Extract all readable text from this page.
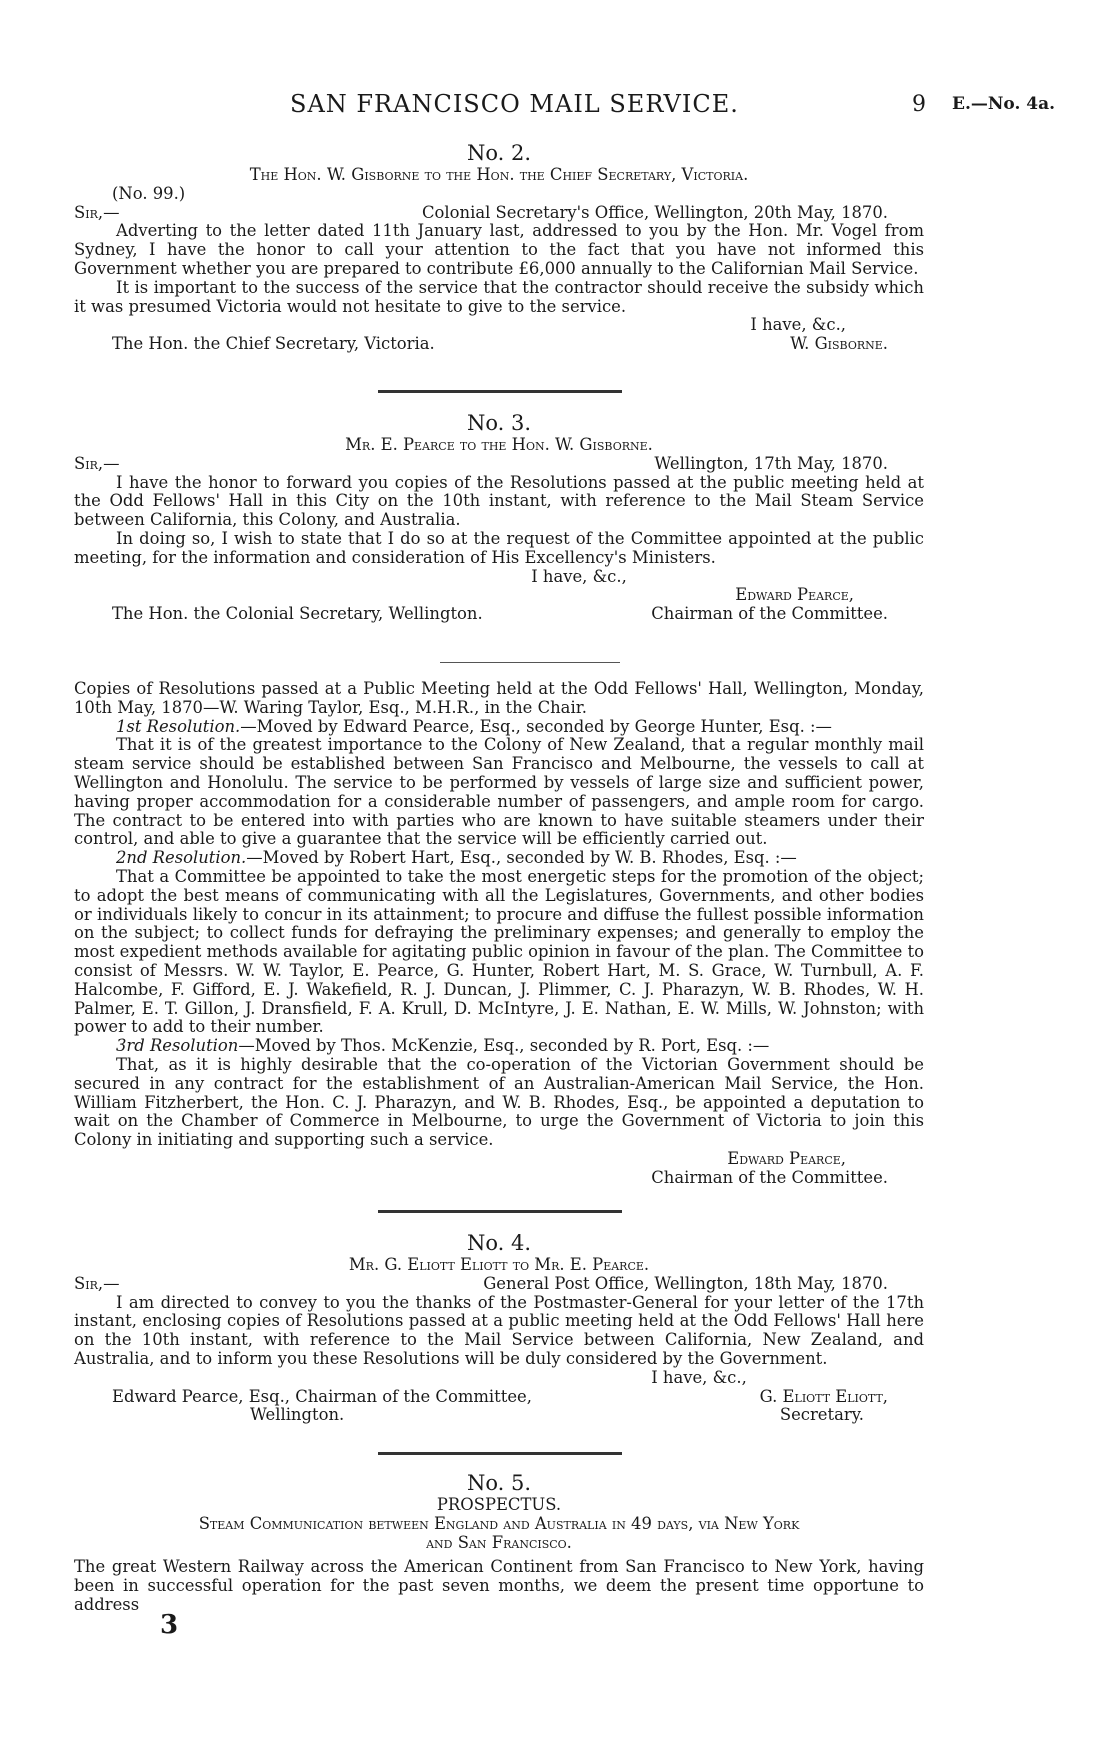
SAN FRANCISCO MAIL SERVICE.	9 E.—No. 4a.
No. 2.
The Hon. W. Gisborne to the Hon. the Chief Secretary, Victoria.
(No. 99.)
Sir,—	Colonial Secretary's Office, Wellington, 20th May, 1870.

Adverting to the letter dated 11th January last, addressed to you by the Hon. Mr. Vogel from Sydney, I have the honor to call your attention to the fact that you have not informed this Government whether you are prepared to contribute £6,000 annually to the Californian Mail Service.

It is important to the success of the service that the contractor should receive the subsidy which it was presumed Victoria would not hesitate to give to the service.

I have, &c.,
The Hon. the Chief Secretary, Victoria.	W. Gisborne.
No. 3.
Mr. E. Pearce to the Hon. W. Gisborne.
Sir,—	Wellington, 17th May, 1870.

I have the honor to forward you copies of the Resolutions passed at the public meeting held at the Odd Fellows' Hall in this City on the 10th instant, with reference to the Mail Steam Service between California, this Colony, and Australia.

In doing so, I wish to state that I do so at the request of the Committee appointed at the public meeting, for the information and consideration of His Excellency's Ministers.

I have, &c.,
Edward Pearce,
The Hon. the Colonial Secretary, Wellington.	Chairman of the Committee.

Copies of Resolutions passed at a Public Meeting held at the Odd Fellows' Hall, Wellington, Monday, 10th May, 1870—W. Waring Taylor, Esq., M.H.R., in the Chair.

1st Resolution.—Moved by Edward Pearce, Esq., seconded by George Hunter, Esq. :—

That it is of the greatest importance to the Colony of New Zealand, that a regular monthly mail steam service should be established between San Francisco and Melbourne, the vessels to call at Wellington and Honolulu. The service to be performed by vessels of large size and sufficient power, having proper accommodation for a considerable number of passengers, and ample room for cargo. The contract to be entered into with parties who are known to have suitable steamers under their control, and able to give a guarantee that the service will be efficiently carried out.

2nd Resolution.—Moved by Robert Hart, Esq., seconded by W. B. Rhodes, Esq. :—

That a Committee be appointed to take the most energetic steps for the promotion of the object; to adopt the best means of communicating with all the Legislatures, Governments, and other bodies or individuals likely to concur in its attainment; to procure and diffuse the fullest possible information on the subject; to collect funds for defraying the preliminary expenses; and generally to employ the most expedient methods available for agitating public opinion in favour of the plan. The Committee to consist of Messrs. W. W. Taylor, E. Pearce, G. Hunter, Robert Hart, M. S. Grace, W. Turnbull, A. F. Halcombe, F. Gifford, E. J. Wakefield, R. J. Duncan, J. Plimmer, C. J. Pharazyn, W. B. Rhodes, W. H. Palmer, E. T. Gillon, J. Dransfield, F. A. Krull, D. McIntyre, J. E. Nathan, E. W. Mills, W. Johnston; with power to add to their number.

3rd Resolution—Moved by Thos. McKenzie, Esq., seconded by R. Port, Esq. :—

That, as it is highly desirable that the co-operation of the Victorian Government should be secured in any contract for the establishment of an Australian-American Mail Service, the Hon. William Fitzherbert, the Hon. C. J. Pharazyn, and W. B. Rhodes, Esq., be appointed a deputation to wait on the Chamber of Commerce in Melbourne, to urge the Government of Victoria to join this Colony in initiating and supporting such a service.

Edward Pearce,
Chairman of the Committee.
No. 4.
Mr. G. Eliott Eliott to Mr. E. Pearce.
Sir,—	General Post Office, Wellington, 18th May, 1870.

I am directed to convey to you the thanks of the Postmaster-General for your letter of the 17th instant, enclosing copies of Resolutions passed at a public meeting held at the Odd Fellows' Hall here on the 10th instant, with reference to the Mail Service between California, New Zealand, and Australia, and to inform you these Resolutions will be duly considered by the Government.

I have, &c.,
Edward Pearce, Esq., Chairman of the Committee,	G. Eliott Eliott,
Wellington.	Secretary.
No. 5.
PROSPECTUS.
Steam Communication between England and Australia in 49 days, via New York
and San Francisco.

The great Western Railway across the American Continent from San Francisco to New York, having been in successful operation for the past seven months, we deem the present time opportune to address

3
